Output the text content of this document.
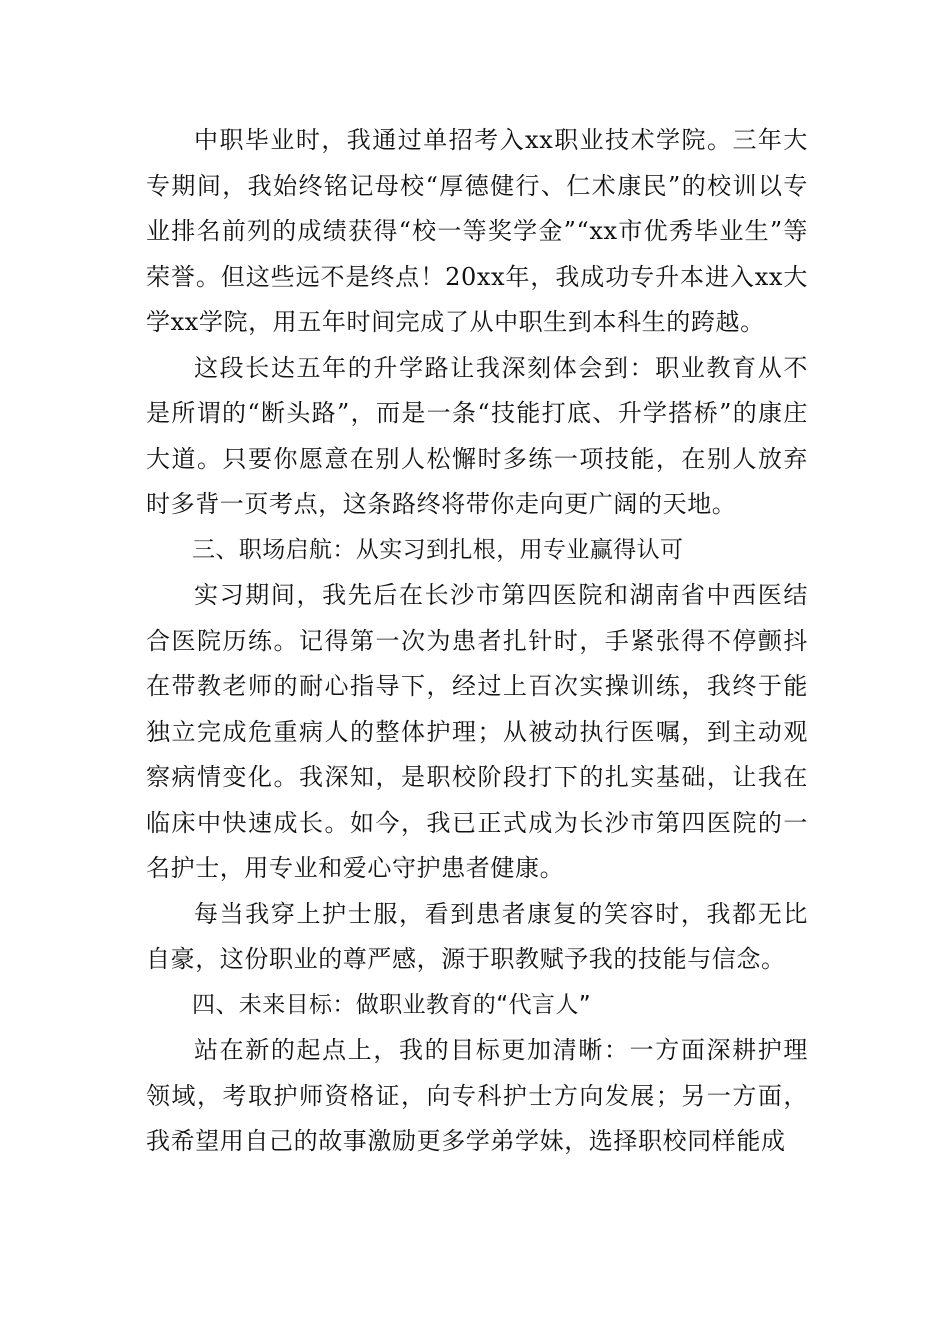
中职毕业时，我通过单招考入xx职业技术学院。三年大专期间，我始终铭记母校“厚德健行、仁术康民”的校训以专业排名前列的成绩获得“校一等奖学金”“xx市优秀毕业生”等荣誉。但这些远不是终点！20xx年，我成功专升本进入xx大学xx学院，用五年时间完成了从中职生到本科生的跨越。

这段长达五年的升学路让我深刻体会到：职业教育从不是所谓的“断头路”，而是一条“技能打底、升学搭桥”的康庄大道。只要你愿意在别人松懈时多练一项技能，在别人放弃时多背一页考点，这条路终将带你走向更广阔的天地。

三、职场启航：从实习到扎根，用专业赢得认可

实习期间，我先后在长沙市第四医院和湖南省中西医结合医院历练。记得第一次为患者扎针时，手紧张得不停颤抖在带教老师的耐心指导下，经过上百次实操训练，我终于能独立完成危重病人的整体护理；从被动执行医嘱，到主动观察病情变化。我深知，是职校阶段打下的扎实基础，让我在临床中快速成长。如今，我已正式成为长沙市第四医院的一名护士，用专业和爱心守护患者健康。

每当我穿上护士服，看到患者康复的笑容时，我都无比自豪，这份职业的尊严感，源于职教赋予我的技能与信念。

四、未来目标：做职业教育的“代言人”

站在新的起点上，我的目标更加清晰：一方面深耕护理领域，考取护师资格证，向专科护士方向发展；另一方面，我希望用自己的故事激励更多学弟学妹，选择职校同样能成
